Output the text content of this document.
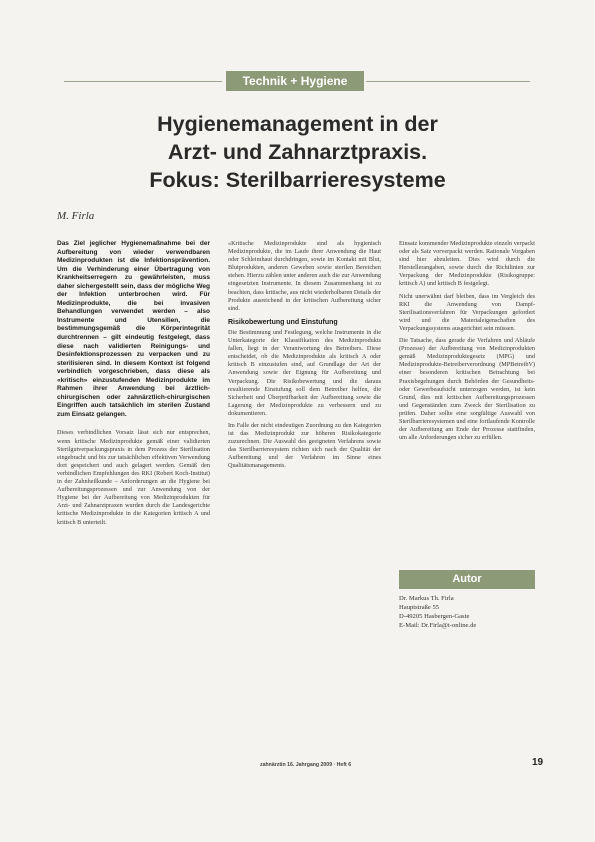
Technik + Hygiene
Hygienemanagement in der
Arzt- und Zahnarztpraxis.
Fokus: Sterilbarrieresysteme
M. Firla

Das Ziel jeglicher Hygienemaßnahme bei der Aufbereitung von wieder verwendbaren Medizinprodukten ist die Infektionsprävention. Um die Verhinderung einer Übertragung von Krankheitserregern zu gewährleisten, muss daher sichergestellt sein, dass der mögliche Weg der Infektion unterbrochen wird. Für Medizinprodukte, die bei invasiven Behandlungen verwendet werden – also Instrumente und Utensilien, die bestimmungsgemäß die Körperintegrität durchtrennen – gilt eindeutig festgelegt, dass diese nach validierten Reinigungs- und Desinfektionsprozessen zu verpacken und zu sterilisieren sind. In diesem Kontext ist folgend verbindlich vorgeschrieben, dass diese als «kritisch» einzustufenden Medizinprodukte im Rahmen ihrer Anwendung bei ärztlich-chirurgischen oder zahnärztlich-chirurgischen Eingriffen auch tatsächlich im sterilen Zustand zum Einsatz gelangen.

Dieses verbindlichen Vorsatz lässt sich nur entsprechen, wenn kritische Medizinprodukte gemäß einer validierten Sterilgutverpackungspraxis in dem Prozess der Sterilisation eingebracht und bis zur tatsächlichen effektiven Verwendung dort gespeichert und auch gelagert werden. Gemäß den verbindlichen Empfehlungen des RKI (Robert Koch-Institut) in der Zahnheilkunde – Anforderungen an die Hygiene bei Aufbereitungsprozessen und zur Anwendung von der Hygiene bei der Aufbereitung von Medizinprodukten für Arzt- und Zahnarztpraxen wurden durch die Landesgerichte kritische Medizinprodukte in die Kategorien kritisch A und kritisch B unterteilt.

«Kritische Medizinprodukte sind als hygienisch Medizinprodukte, die im Laufe ihrer Anwendung die Haut oder Schleimhaut durchdringen, sowie im Kontakt mit Blut, Blutprodukten, anderen Geweben sowie sterilen Bereichen stehen. Hierzu zählen unter anderen auch die zur Anwendung eingesetzten Instrumente. In diesem Zusammenhang ist zu beachten, dass kritische, aus nicht wiederholbaren Details der Produkte ausreichend in der kritischen Aufbereitung sicher sind.

Risikobewertung und Einstufung

Die Bestimmung und Festlegung, welche Instrumente in die Unterkategorie der Klassifikation des Medizinprodukts fallen, liegt in der Verantwortung des Betreibers. Diese entscheidet, ob die Medizinprodukte als kritisch A oder kritisch B einzustufen sind, auf Grundlage der Art der Anwendung sowie der Eignung für Aufbereitung und Verpackung. Die Risikobewertung und die daraus resultierende Einstufung soll dem Betreiber helfen, die Sicherheit und Überprüfbarkeit der Aufbereitung sowie die Lagerung der Medizinprodukte zu verbessern und zu dokumentieren.

Im Falle der nicht eindeutigen Zuordnung zu den Kategorien ist das Medizinprodukt zur höheren Risikokategorie zuzurechnen. Die Auswahl des geeigneten Verfahrens sowie das Sterilbarrieresystem richten sich nach der Qualität der Aufbereitung und der Verfahren im Sinne eines Qualitätsmanagements.

Einsatz kommender Medizinprodukte einzeln verpackt oder als Satz vorverpackt werden. Rationale Vorgaben sind hier abzuleiten. Dies wird durch die Herstellerangaben, sowie durch die Richtlinien zur Verpackung der Medizinprodukte (Risikogruppe: kritisch A) und kritisch B festgelegt.

Nicht unerwähnt darf bleiben, dass im Vergleich des RKI die Anwendung von Dampf-Sterilisationsverfahren für Verpackungen gefordert wird und die Materialeigenschaften des Verpackungssystems ausgerichtet sein müssen.

Die Tatsache, dass gerade die Verfahren und Abläufe (Prozesse) der Aufbereitung von Medizinprodukten gemäß Medizinproduktegesetz (MPG) und Medizinprodukte-Betreiberverordnung (MPBetreibV) einer besonderen kritischen Betrachtung bei Praxisbegehungen durch Behörden der Gesundheits- oder Gewerbeaufsicht unterzogen werden, ist kein Grund, dies mit kritischen Aufbereitungsprozessen und Gegenständen zum Zweck der Sterilisation zu prüfen. Daher sollte eine sorgfältige Auswahl von Sterilbarrieresystemen und eine fortlaufende Kontrolle der Aufbereitung am Ende der Prozesse stattfinden, um alle Anforderungen sicher zu erfüllen.

Autor
Dr. Markus Th. Firla
Hauptstraße 55
D-49205 Hasbergen-Gaste
E-Mail: Dr.Firla@t-online.de
zahnärztin 16. Jahrgang 2009 · Heft 6	19
